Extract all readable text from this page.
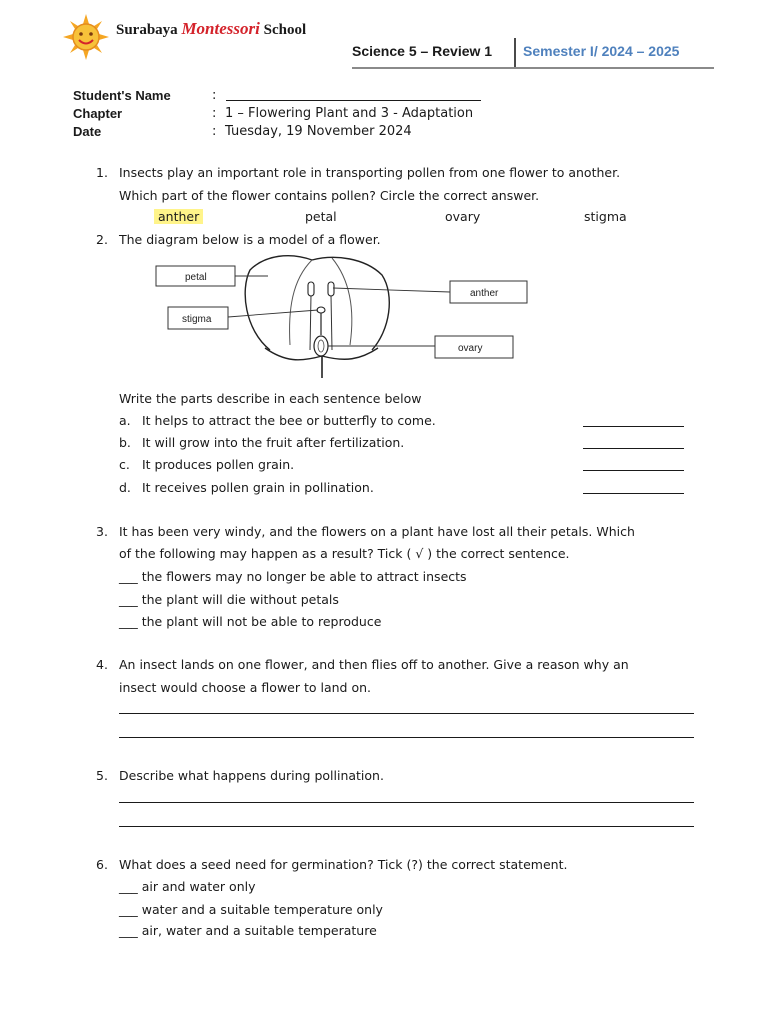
Surabaya Montessori School
Science 5 – Review 1 Semester I/ 2024 – 2025
Student's Name	:
Chapter	: 1 – Flowering Plant and 3 - Adaptation
Date	: Tuesday, 19 November 2024
1. Insects play an important role in transporting pollen from one flower to another.
Which part of the flower contains pollen? Circle the correct answer.
anther	petal	ovary	stigma
2. The diagram below is a model of a flower.
petal
stigma
anther
ovary
Write the parts describe in each sentence below
a. It helps to attract the bee or butterfly to come.
b. It will grow into the fruit after fertilization.
c. It produces pollen grain.
d. It receives pollen grain in pollination.
3. It has been very windy, and the flowers on a plant have lost all their petals. Which
of the following may happen as a result? Tick ( √ ) the correct sentence.
___ the flowers may no longer be able to attract insects
___ the plant will die without petals
___ the plant will not be able to reproduce
4. An insect lands on one flower, and then flies off to another. Give a reason why an
insect would choose a flower to land on.
5. Describe what happens during pollination.
6. What does a seed need for germination? Tick (?) the correct statement.
___ air and water only
___ water and a suitable temperature only
___ air, water and a suitable temperature
